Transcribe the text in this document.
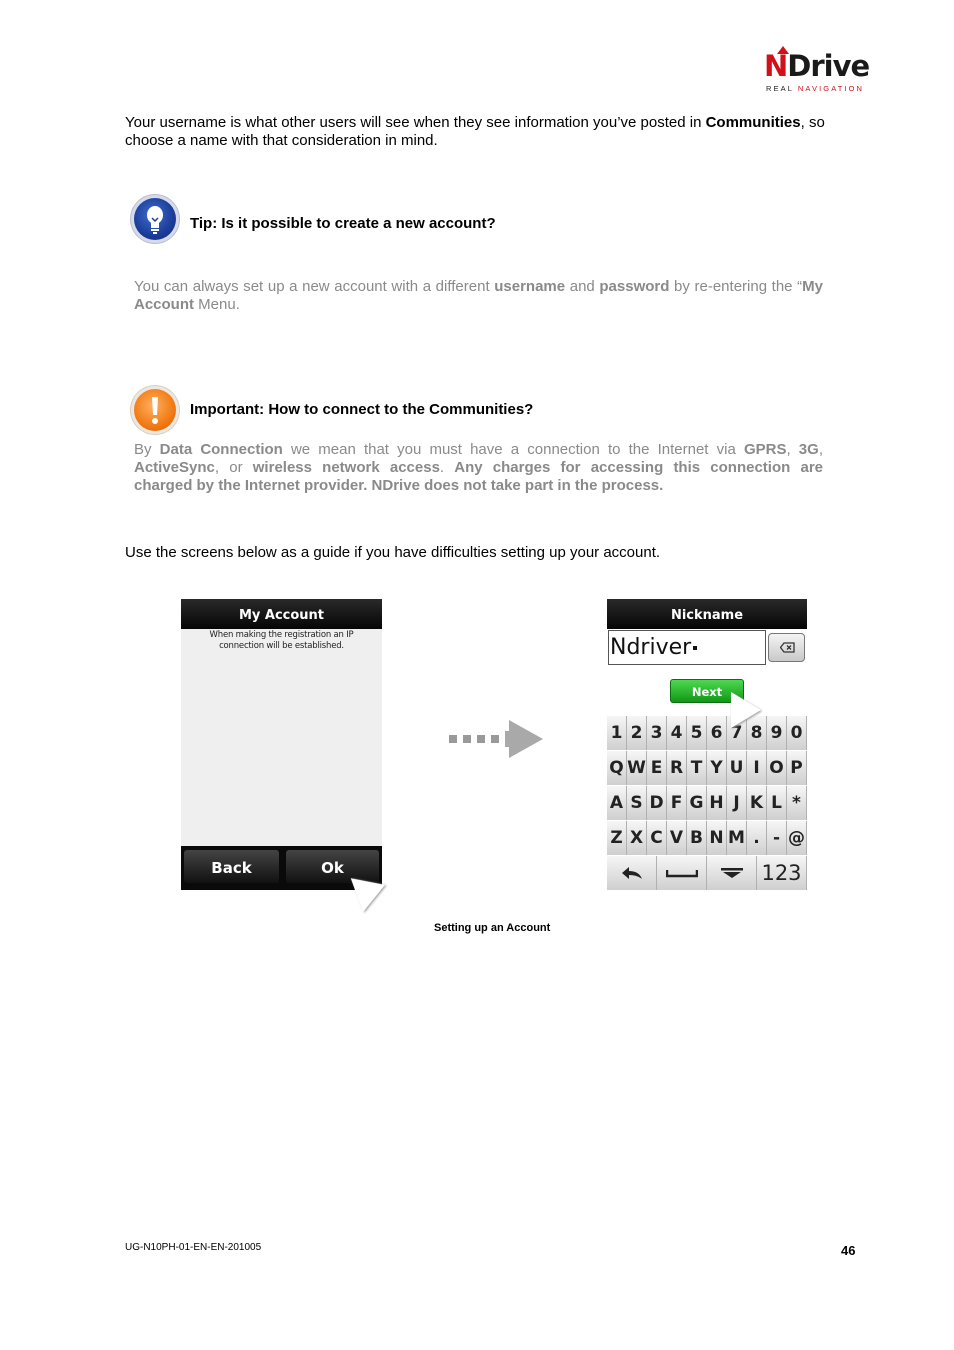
NDrive
REAL NAVIGATION

Your username is what other users will see when they see information you’ve posted in Communities, so choose a name with that consideration in mind.

Tip: Is it possible to create a new account?

You can always set up a new account with a different username and password by re-entering the “My Account Menu.

Important: How to connect to the Communities?

By Data Connection we mean that you must have a connection to the Internet via GPRS, 3G,
ActiveSync, or wireless network access. Any charges for accessing this connection are
charged by the Internet provider. NDrive does not take part in the process.

Use the screens below as a guide if you have difficulties setting up your account.

My Account
When making the registration an IP
connection will be established.
Back	Ok
Nickname
Ndriver
Next
1 2 3 4 5 6 7 8 9 0
Q W E R T Y U I O P
A S D F G H J K L *
Z X C V B N M . - @
123
Setting up an Account
UG-N10PH-01-EN-EN-201005	46
